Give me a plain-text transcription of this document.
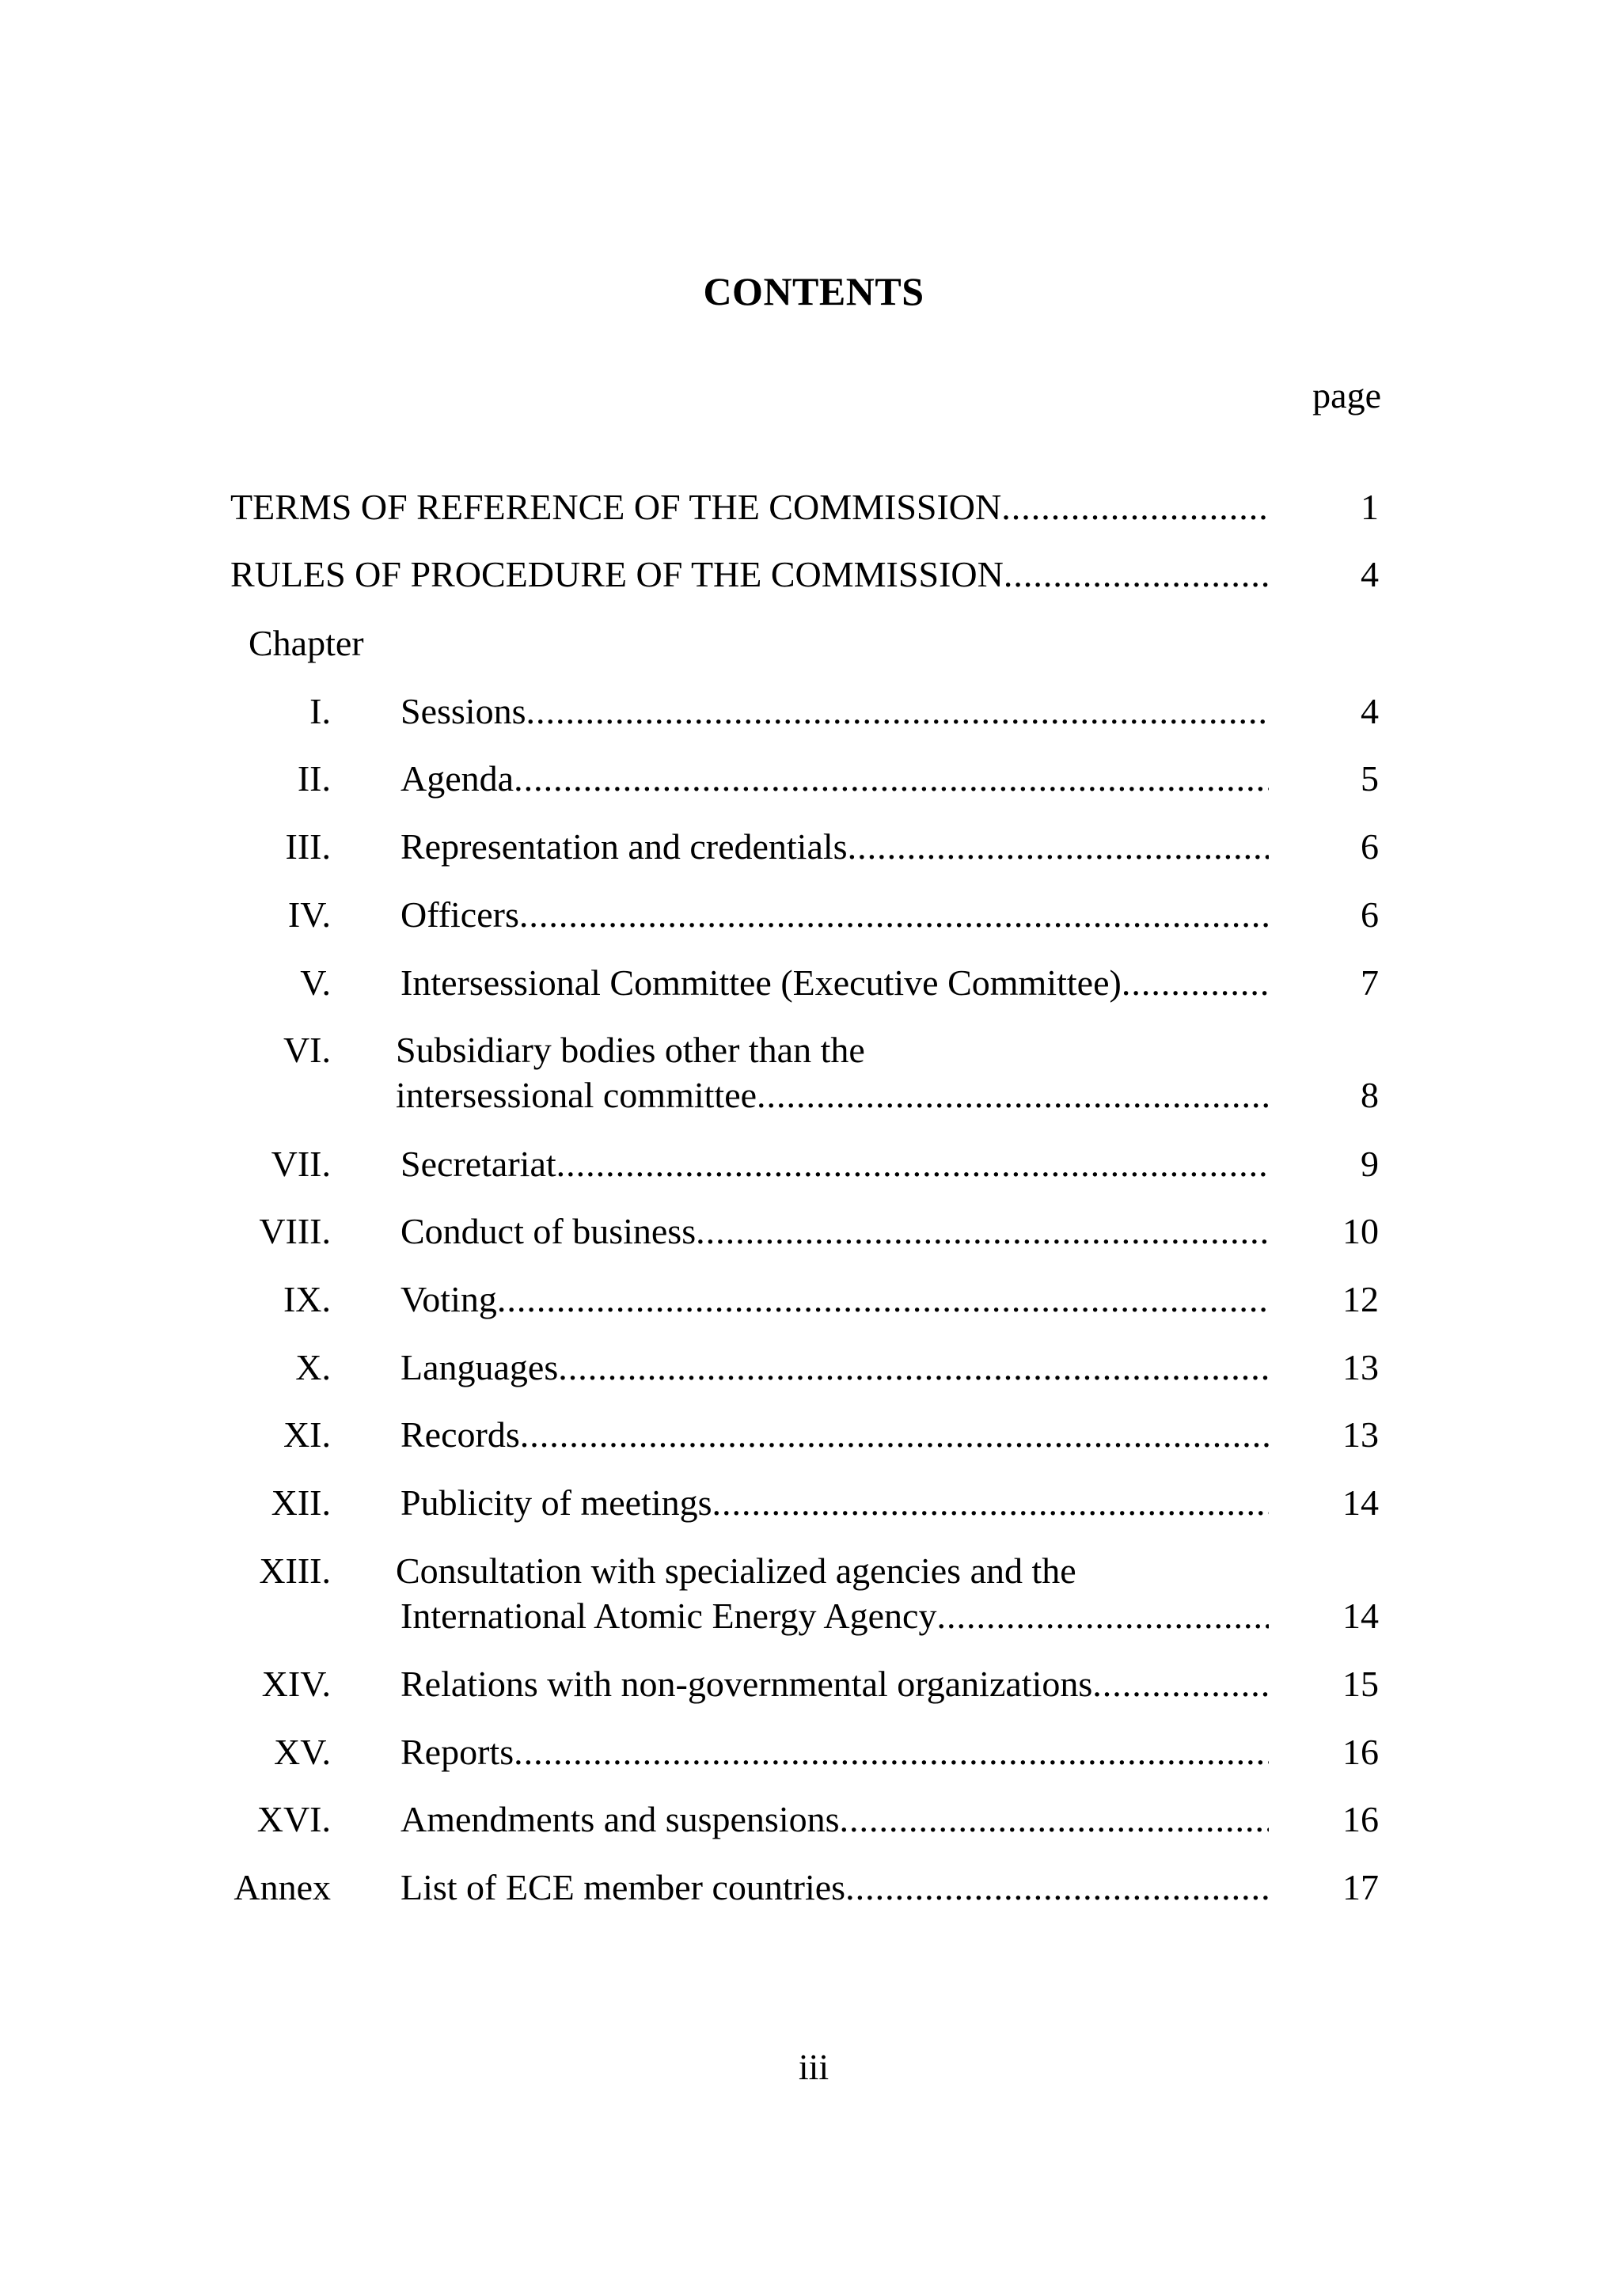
CONTENTS
page
TERMS OF REFERENCE OF THE COMMISSION .....	1
RULES OF PROCEDURE OF THE COMMISSION .....	4
Chapter
I. Sessions .....	4
II. Agenda .....	5
III. Representation and credentials .....	6
IV. Officers .....	6
V. Intersessional Committee (Executive Committee) .....	7
VI. Subsidiary bodies other than the
intersessional committee .....	8
VII. Secretariat .....	9
VIII. Conduct of business .....	10
IX. Voting .....	12
X. Languages .....	13
XI. Records .....	13
XII. Publicity of meetings .....	14
XIII. Consultation with specialized agencies and the
International Atomic Energy Agency .....	14
XIV. Relations with non-governmental organizations .....	15
XV. Reports .....	16
XVI. Amendments and suspensions .....	16
Annex List of ECE member countries .....	17
iii
